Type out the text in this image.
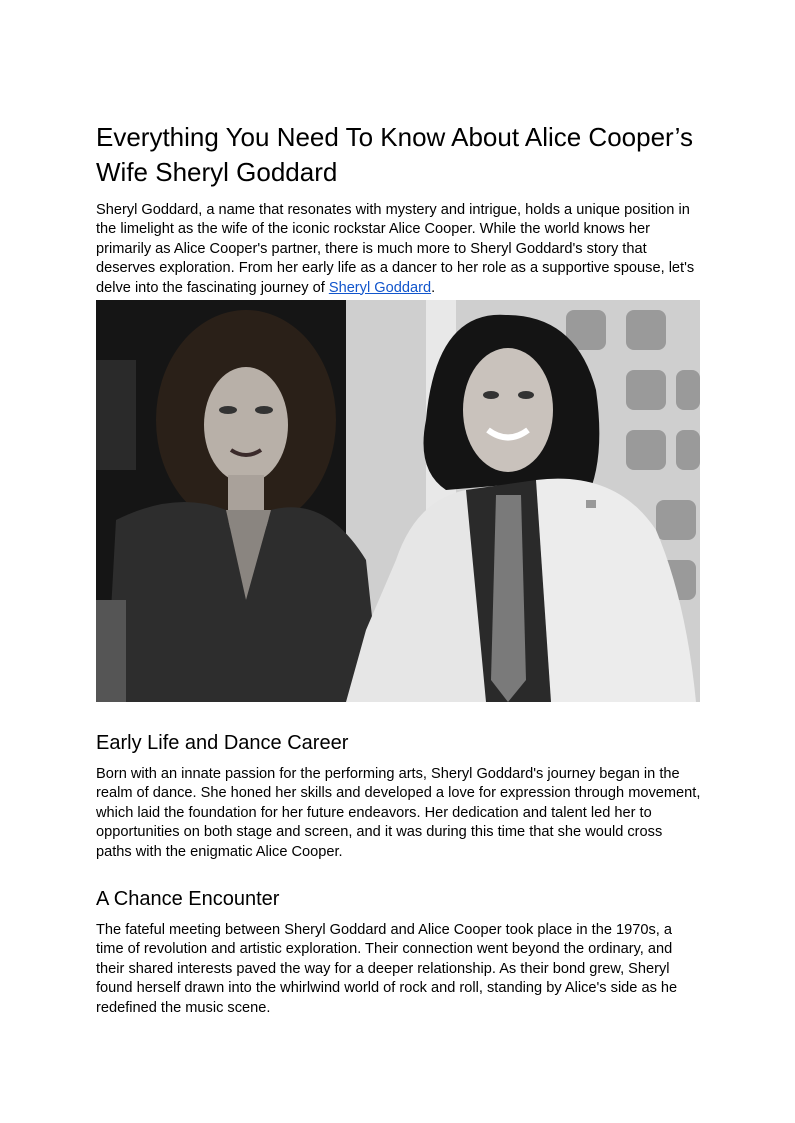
Everything You Need To Know About Alice Cooper’s Wife Sheryl Goddard

Sheryl Goddard, a name that resonates with mystery and intrigue, holds a unique position in the limelight as the wife of the iconic rockstar Alice Cooper. While the world knows her primarily as Alice Cooper's partner, there is much more to Sheryl Goddard's story that deserves exploration. From her early life as a dancer to her role as a supportive spouse, let's delve into the fascinating journey of Sheryl Goddard.

Early Life and Dance Career

Born with an innate passion for the performing arts, Sheryl Goddard's journey began in the realm of dance. She honed her skills and developed a love for expression through movement, which laid the foundation for her future endeavors. Her dedication and talent led her to opportunities on both stage and screen, and it was during this time that she would cross paths with the enigmatic Alice Cooper.

A Chance Encounter

The fateful meeting between Sheryl Goddard and Alice Cooper took place in the 1970s, a time of revolution and artistic exploration. Their connection went beyond the ordinary, and their shared interests paved the way for a deeper relationship. As their bond grew, Sheryl found herself drawn into the whirlwind world of rock and roll, standing by Alice's side as he redefined the music scene.
